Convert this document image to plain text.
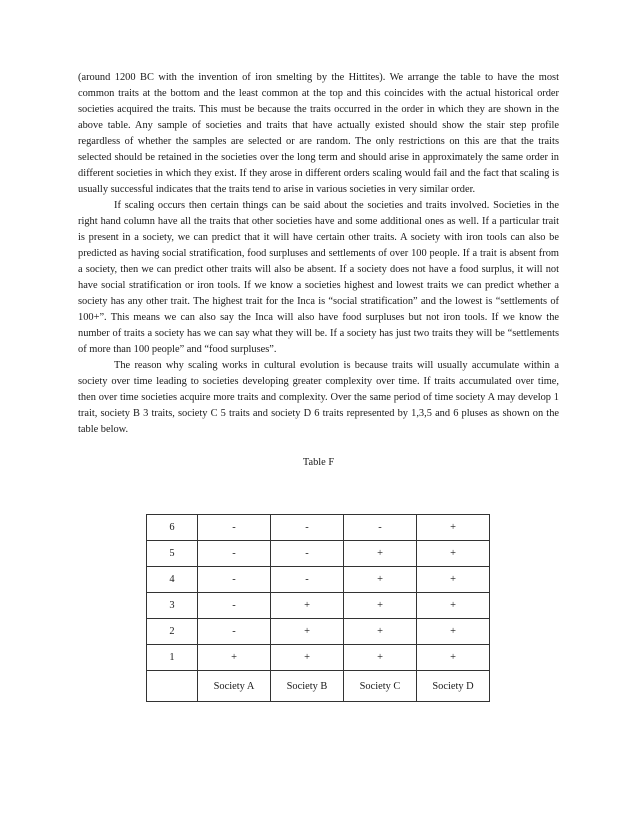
(around 1200 BC with the invention of iron smelting by the Hittites). We arrange the table to have the most common traits at the bottom and the least common at the top and this coincides with the actual historical order societies acquired the traits. This must be because the traits occurred in the order in which they are shown in the above table. Any sample of societies and traits that have actually existed should show the stair step profile regardless of whether the samples are selected or are random. The only restrictions on this are that the traits selected should be retained in the societies over the long term and should arise in approximately the same order in different societies in which they exist. If they arose in different orders scaling would fail and the fact that scaling is usually successful indicates that the traits tend to arise in various societies in very similar order.

If scaling occurs then certain things can be said about the societies and traits involved. Societies in the right hand column have all the traits that other societies have and some additional ones as well. If a particular trait is present in a society, we can predict that it will have certain other traits. A society with iron tools can also be predicted as having social stratification, food surpluses and settlements of over 100 people. If a trait is absent from a society, then we can predict other traits will also be absent. If a society does not have a food surplus, it will not have social stratification or iron tools. If we know a societies highest and lowest traits we can predict whether a society has any other trait. The highest trait for the Inca is “social stratification” and the lowest is “settlements of 100+”. This means we can also say the Inca will also have food surpluses but not iron tools. If we know the number of traits a society has we can say what they will be. If a society has just two traits they will be “settlements of more than 100 people” and “food surpluses”.

The reason why scaling works in cultural evolution is because traits will usually accumulate within a society over time leading to societies developing greater complexity over time. If traits accumulated over time, then over time societies acquire more traits and complexity. Over the same period of time society A may develop 1 trait, society B 3 traits, society C 5 traits and society D 6 traits represented by 1,3,5 and 6 pluses as shown on the table below.

Table F

6	-	-	-	+
5	-	-	+	+
4	-	-	+	+
3	-	+	+	+
2	-	+	+	+
1	+	+	+	+
	Society A	Society B	Society C	Society D
